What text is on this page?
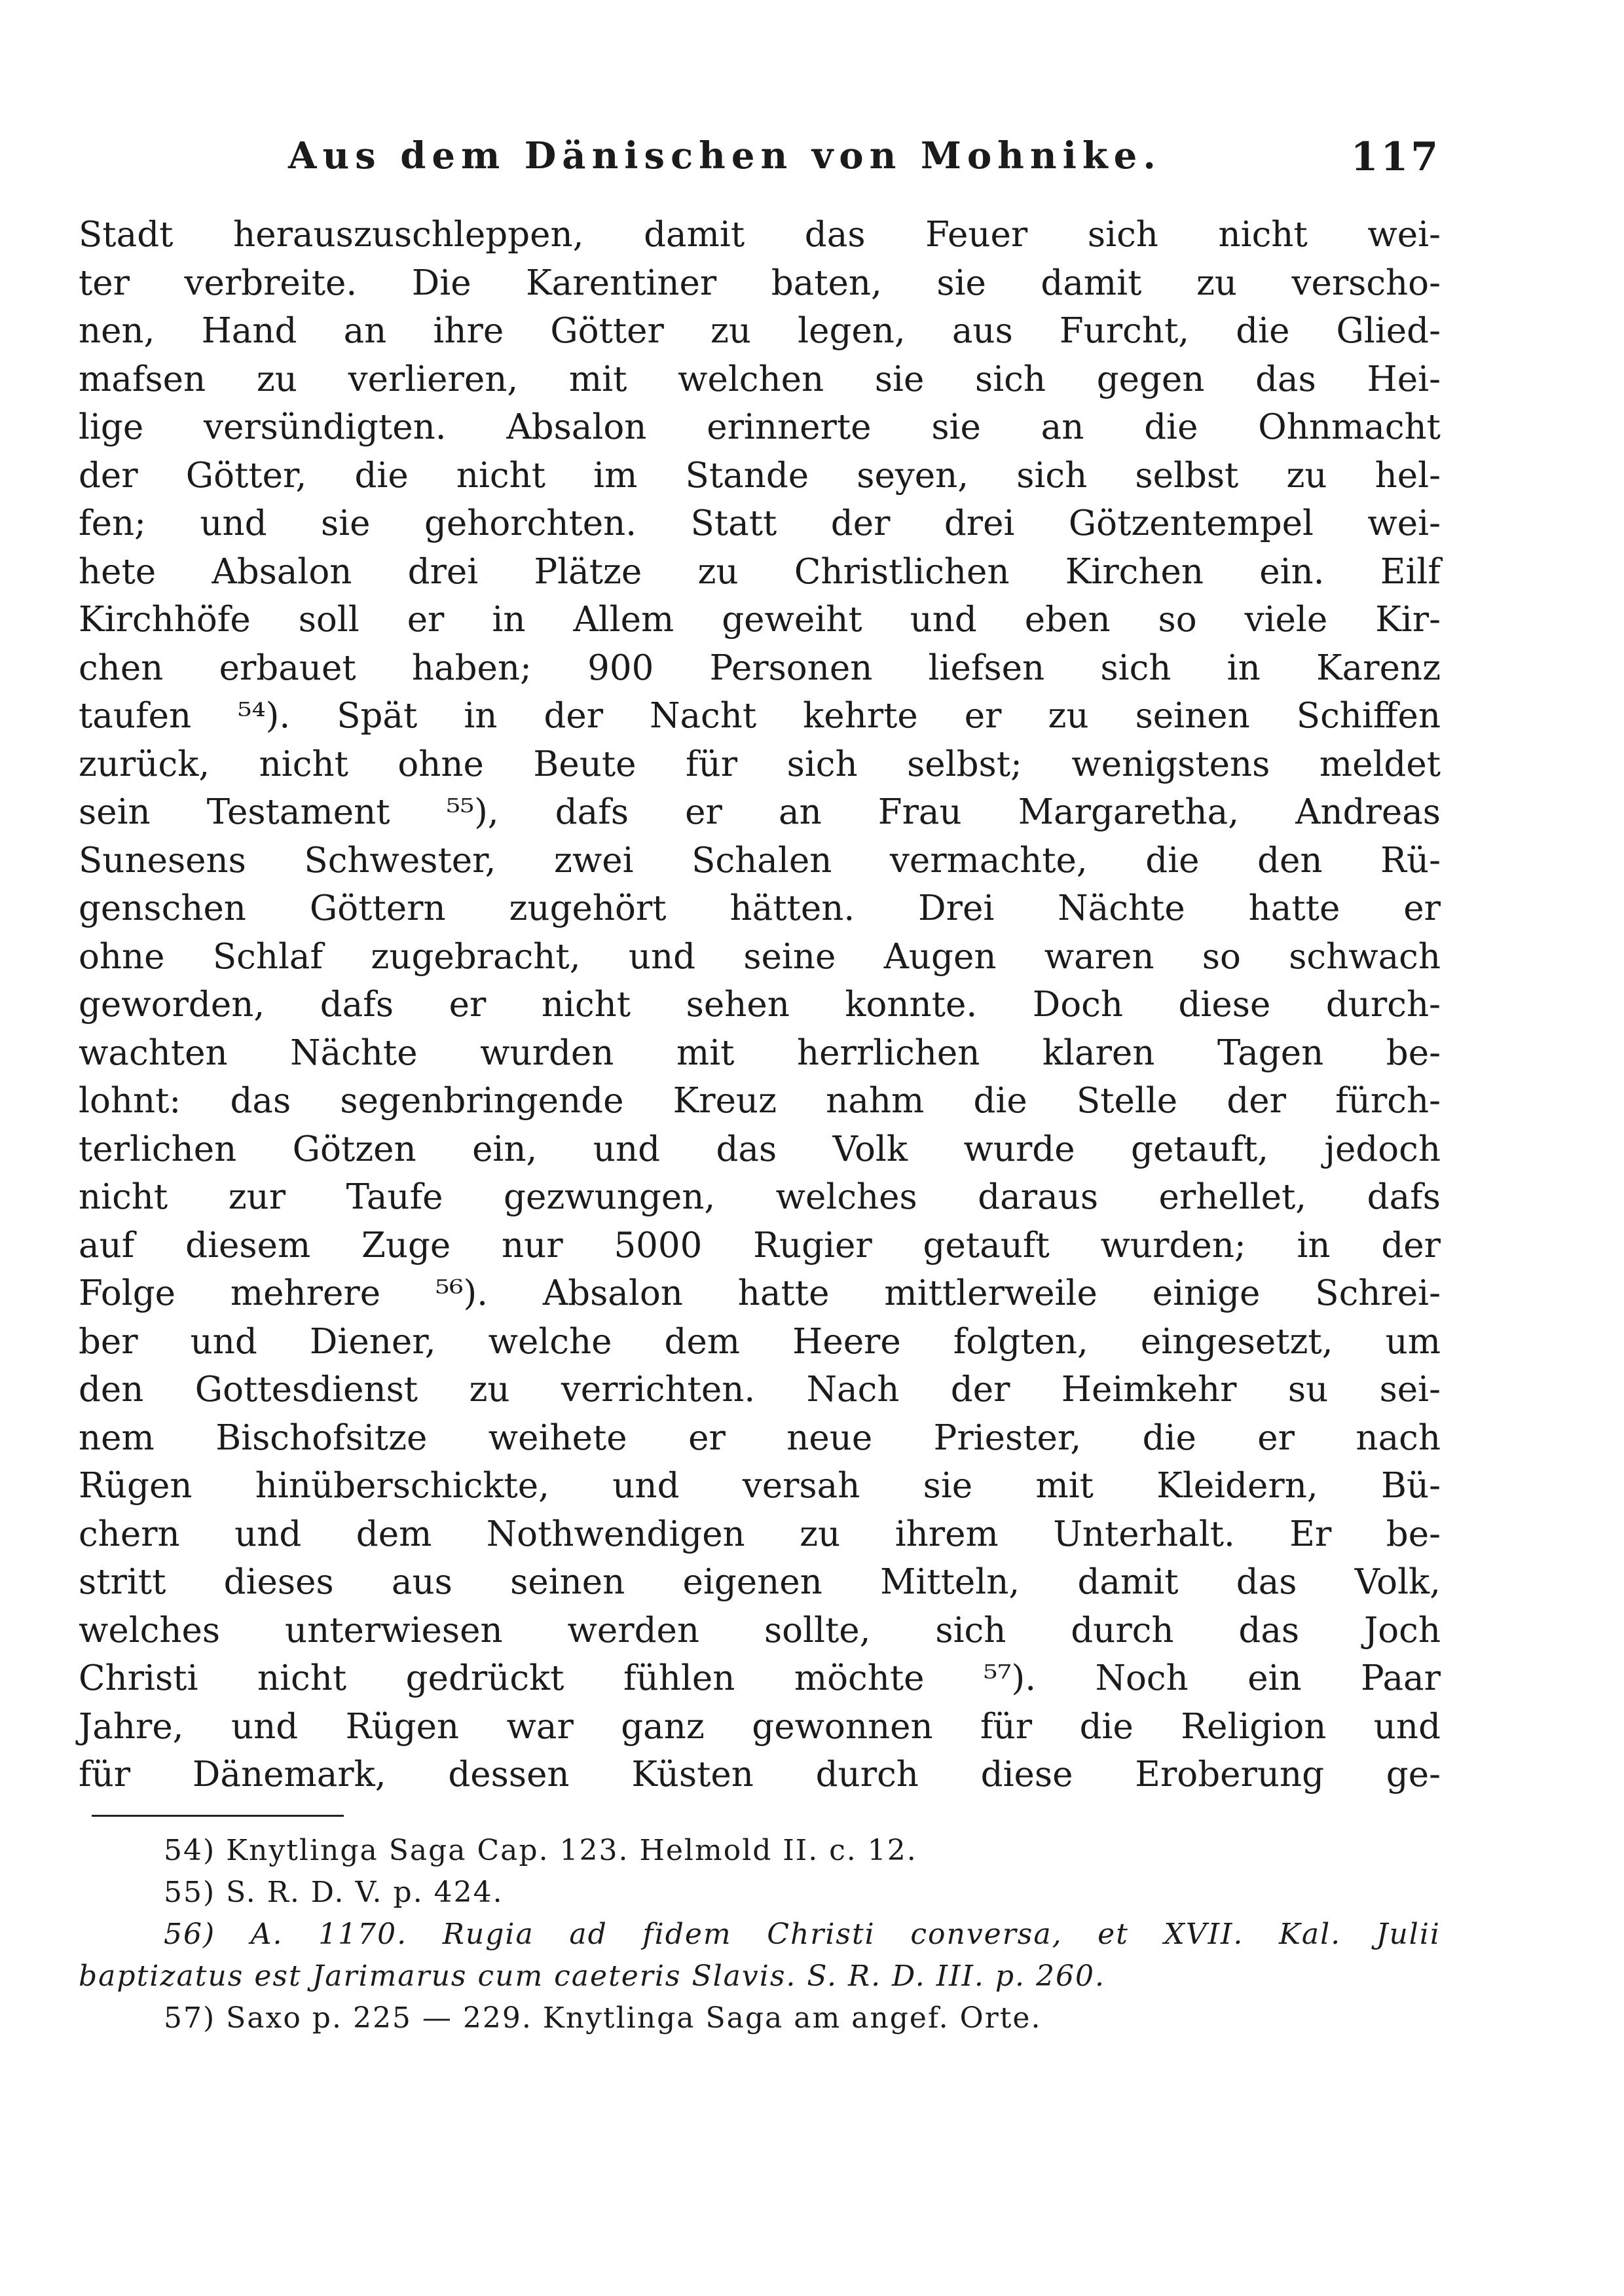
Aus dem Dänischen von Mohnike.	117
Stadt herauszuschleppen, damit das Feuer sich nicht wei-
ter verbreite. Die Karentiner baten, sie damit zu verscho-
nen, Hand an ihre Götter zu legen, aus Furcht, die Glied-
mafsen zu verlieren, mit welchen sie sich gegen das Hei-
lige versündigten. Absalon erinnerte sie an die Ohnmacht
der Götter, die nicht im Stande seyen, sich selbst zu hel-
fen; und sie gehorchten. Statt der drei Götzentempel wei-
hete Absalon drei Plätze zu Christlichen Kirchen ein. Eilf
Kirchhöfe soll er in Allem geweiht und eben so viele Kir-
chen erbauet haben; 900 Personen liefsen sich in Karenz
taufen ⁵⁴). Spät in der Nacht kehrte er zu seinen Schiffen
zurück, nicht ohne Beute für sich selbst; wenigstens meldet
sein Testament ⁵⁵), dafs er an Frau Margaretha, Andreas
Sunesens Schwester, zwei Schalen vermachte, die den Rü-
genschen Göttern zugehört hätten. Drei Nächte hatte er
ohne Schlaf zugebracht, und seine Augen waren so schwach
geworden, dafs er nicht sehen konnte. Doch diese durch-
wachten Nächte wurden mit herrlichen klaren Tagen be-
lohnt: das segenbringende Kreuz nahm die Stelle der fürch-
terlichen Götzen ein, und das Volk wurde getauft, jedoch
nicht zur Taufe gezwungen, welches daraus erhellet, dafs
auf diesem Zuge nur 5000 Rugier getauft wurden; in der
Folge mehrere ⁵⁶). Absalon hatte mittlerweile einige Schrei-
ber und Diener, welche dem Heere folgten, eingesetzt, um
den Gottesdienst zu verrichten. Nach der Heimkehr su sei-
nem Bischofsitze weihete er neue Priester, die er nach
Rügen hinüberschickte, und versah sie mit Kleidern, Bü-
chern und dem Nothwendigen zu ihrem Unterhalt. Er be-
stritt dieses aus seinen eigenen Mitteln, damit das Volk,
welches unterwiesen werden sollte, sich durch das Joch
Christi nicht gedrückt fühlen möchte ⁵⁷). Noch ein Paar
Jahre, und Rügen war ganz gewonnen für die Religion und
für Dänemark, dessen Küsten durch diese Eroberung ge-
54) Knytlinga Saga Cap. 123. Helmold II. c. 12.
55) S. R. D. V. p. 424.
56) A. 1170. Rugia ad fidem Christi conversa, et XVII. Kal. Julii
baptizatus est Jarimarus cum caeteris Slavis. S. R. D. III. p. 260.
57) Saxo p. 225 — 229. Knytlinga Saga am angef. Orte.
